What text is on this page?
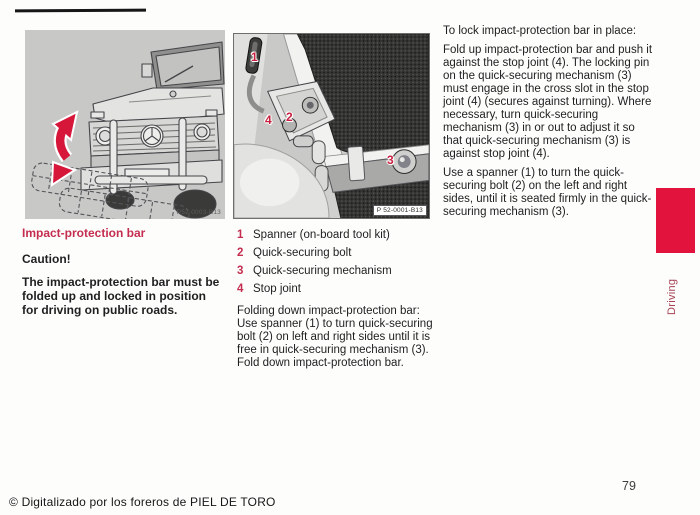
P52-0003-B13
1
2
4
3
P 52-0001-B13
Impact-protection bar
Caution!
The impact-protection bar must be folded up and locked in position for driving on public roads.
1 Spanner (on-board tool kit)
2 Quick-securing bolt
3 Quick-securing mechanism
4 Stop joint
Folding down impact-protection bar:
Use spanner (1) to turn quick-securing bolt (2) on left and right sides until it is free in quick-securing mechanism (3).
Fold down impact-protection bar.
To lock impact-protection bar in place:
Fold up impact-protection bar and push it against the stop joint (4). The locking pin on the quick-securing mechanism (3) must engage in the cross slot in the stop joint (4) (secures against turning). Where necessary, turn quick-securing mechanism (3) in or out to adjust it so that quick-securing mechanism (3) is against stop joint (4).
Use a spanner (1) to turn the quick-securing bolt (2) on the left and right sides, until it is seated firmly in the quick-securing mechanism (3).
Driving
79
© Digitalizado por los foreros de PIEL DE TORO
